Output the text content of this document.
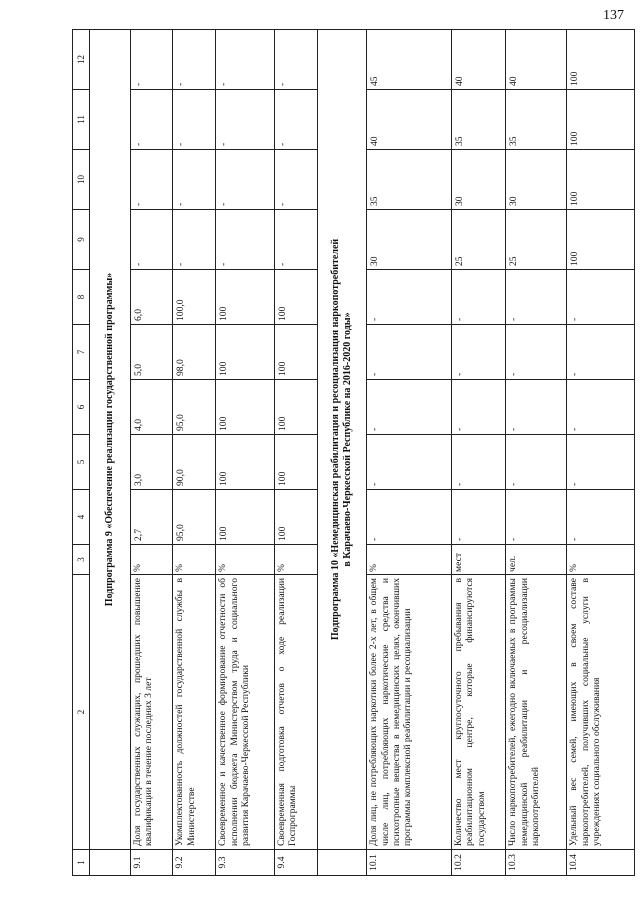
137
1	2	3	4	5	6	7	8	9	10	11	12
	Подпрограмма 9 «Обеспечение реализации государственной программы»										
9.1	Доля государственных служащих, прошедших повышение квалификации в течение последних 3 лет	%	2,7	3,0	4,0	5,0	6,0	-	-	-	-
9.2	Укомплектованность должностей государственной службы в Министерстве	%	95,0	90,0	95,0	98,0	100,0	-	-	-	-
9.3	Своевременное и качественное формирование отчетности об исполнении бюджета Министерством труда и социального развития Карачаево-Черкесской Республики	%	100	100	100	100	100	-	-	-	-
9.4	Своевременная подготовка отчетов о ходе реализации Госпрограммы	%	100	100	100	100	100	-	-	-	-

	Подпрограмма 10 «Немедицинская реабилитация и ресоциализация наркопотребителей в Карачаево-Черкесской Республике на 2016-2020 годы»										

10.1	Доля лиц, не потребляющих наркотики более 2-х лет, в общем числе лиц, потребляющих наркотические средства и психотропные вещества в немедицинских целях, окончивших программы комплексной реабилитации и ресоциализации	%	-	-	-	-	-	30	35	40	45
10.2	Количество мест круглосуточного пребывания в реабилитационном центре, которые финансируются государством	мест	-	-	-	-	-	25	30	35	40
10.3	Число наркопотребителей, ежегодно включаемых в программы немедицинской реабилитации и ресоциализации наркопотребителей	чел.	-	-	-	-	-	25	30	35	40
10.4	Удельный вес семей, имеющих в своем составе наркопотребителей, получивших социальные услуги в учреждениях социального обслуживания	%	-	-	-	-	-	100	100	100	100
